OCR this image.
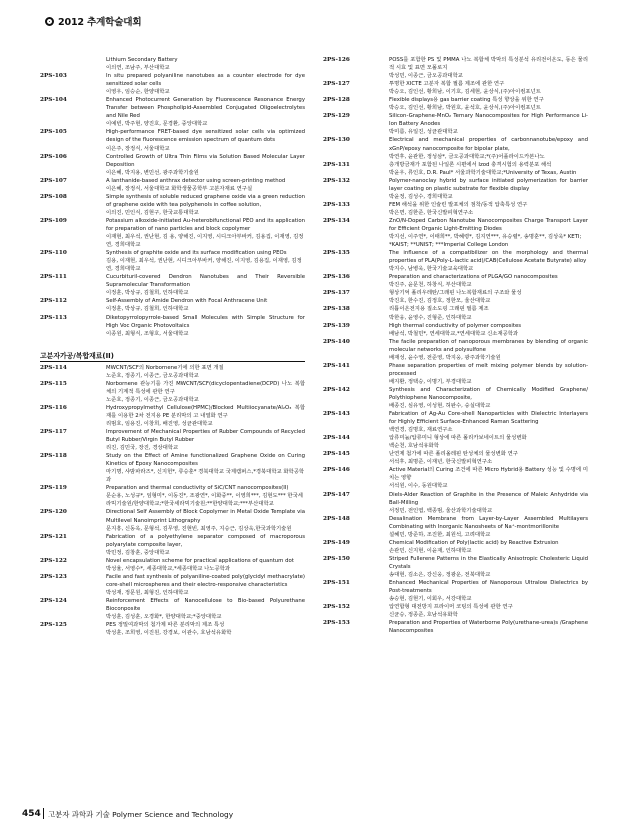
2012 추계학술대회
Lithium Secondary Battery
이의연, 조남주, 부산대학교
2PS-103	In situ prepared polyaniline nanotubes as a counter electrode for dye sensitized solar cells
이영우, 임승순, 한양대학교
2PS-104	Enhanced Photocurrent Generation by Fluorescence Resonance Energy Transfer between Phospholipid-Assembled Conjugated Oligoelectrolytes and Nile Red
이예빈, 박주현, 양진호, 문경환, 중앙대학교
2PS-105	High-performance FRET-based dye sensitized solar cells via optimized design of the fluorescence emission spectrum of quantum dots
이은주, 장정식, 서울대학교
2PS-106	Controlled Growth of Ultra Thin Films via Solution Based Molecular Layer Deposition
이은혜, 박지용, 변민선, 광주과학기술원
2PS-107	A lanthanide-based anthrax detector using screen-printing method
이은혜, 장정식, 서울대학교 화학생물공학부 고분자재료 연구실
2PS-108	Simple synthesis of soluble reduced graphene oxide via a green reduction of graphene oxide with tea polyphenols in coffee solution,
이의진, 민인식, 김현구, 한국교통대학교
2PS-109	Potassium alkoxide-initiated Au-heterobifunctional PEO and its application for preparation of nano particles and block copolymer
이재현, 최우석, 권난현, 김 용, 양해진, 이지영, 시디크아부바커, 김용집, 이재영, 김정연, 경희대학교
2PS-110	Synthesis of graphite oxide and its surface modification using PEOs
김용, 이재현, 최우석, 권난현, 시디크아부바커, 양해진, 이지영, 김용집, 이재영, 김정연, 경희대학교
2PS-111	Cucurbituril-covered Dendron Nanotubes and Their Reversible Supramolecular Transformation
이정훈, 박상규, 김철희, 인하대학교
2PS-112	Self-Assembly of Amide Dendron with Focal Anthracene Unit
이정훈, 박상규, 김철희, 인하대학교
2PS-113	Diketopyrrolopyrrole-based Small Molecules with Simple Structure for High Voc Organic Photovoltaics
이종원, 최형식, 조형호, 서울대학교
고분자가공/복합재료(II)
2PS-114	MWCNT/SCF의 Norbornene기에 의한 표면 개질
노준호, 정종기, 이종근, 금오공과대학교
2PS-115	Norbornene 관능기를 가진 MWCNT/SCF(dicyclopentadiene(DCPD) 나노 복합체의 기계적 특성에 관한 연구
노준호, 정종기, 이종근, 금오공과대학교
2PS-116	Hydroxypropylmethyl Cellulose(HPMC)/Blocked Multiiocyanate/Al₂O₃ 복합재를 이용한 2차 전지용 PE 분리막의 고 내열화 연구
리범호, 임용진, 이창희, 배진영, 성균관대학교
2PS-117	Improvement of Mechanical Properties of Rubber Compounds of Recycled Butyl Rubber/Virgin Butyl Rubber
리진, 김민국, 장진, 경상대학교
2PS-118	Study on the Effect of Amine functionalized Graphene Oxide on Curing Kinetics of Epoxy Nanocomposites
마기명, 샤밤파라즈*, 신지헌*, 류승훈* 경북대학교 국제캠퍼스,*경북대학교 화학공학과
2PS-119	Preparation and thermal conductivity of SiC/CNT nanocomposites(II)
문순용, 노성규*, 임형미*, 이동진*, 조광연*, 이화중**, 이영희***, 김현도*** 한국세라믹기술원/한양대학교;*한국세라믹기술원;**한양대학교;***부산대학교
2PS-120	Directional Self Assembly of Block Copolymer in Metal Oxide Template via Multilevel Nanoimprint Lithography
문지흥, 신동옥, 문형석, 김무영, 진현빈, 최영주, 지승근, 김상욱,한국과학기술원
2PS-121	Fabrication of a polyethylene separator composed of macroporous polyarylate composite layer,
박민정, 김창훈, 중앙대학교
2PS-122	Novel encapsulation scheme for practical applications of quantum dot
박성율, 서영수*, 세종대학교,*세종대학교 나노공학과
2PS-123	Facile and fast synthesis of polyaniline-coated poly(glycidyl methacrylate) core-shell microspheres and their electro-responsive characteristics
박성재, 정문원, 최형진, 인하대학교
2PS-124	Reinforcement Effects of Nanocellulose to Bio-based Polyurethane Bioconposite
박성훈, 김성훈, 오경화*, 한양대학교;*중앙대학교
2PS-125	PES 정밀여과막의 첨가제 따른 분리막의 제조 특성
박성훈, 조희영, 이진원, 강경보, 이관수, 호남석유화학
2PS-126	POSS를 포함한 PS 및 PMMA 나노 복합체 박막의 특성분석 유리전이온도, 동은 물리적 시효 및 표면 모폴로지
박성민, 이종근, 금오공과대학교
2PS-127	투명한 XICTE 고분자 복합 필름 제조에 관한 연구
박승오, 김인선, 황희남, 이기호, 김세현, 윤상식,(주)아이컴포넌트
2PS-128	Flexible displays용 gas barrier coating 특성 향상을 위한 연구
박승오, 김인선, 황희남, 박원호, 윤석호, 윤상식,(주)아이컴포넌트
2PS-129	Silicon-Graphene-MnO₂ Ternary Nanocomposites for High Performance Li-Ion Battery Anodes
박미름, 유일진, 성균관대학교
2PS-130	Electrical and mechanical properties of carbonnanotube/epoxy and xGnP/epoxy nanocomposite for bipolar plate,
박연후, 윤관한, 정성삼*, 금오공과대학교;*(주)어플라이드카본나노
2PS-131	층개방금재가 포함된 나일론 시편에서 Izod 충격시험의 용력분포 해석
박윤우, 류인호, D.R. Paul* 서울과학기술대학교;*University of Texas, Austin
2PS-132	Polymer-nanoclay hybrid by surface initiated polymerization for barrier layer coating on plastic substrate for flexible display
박윤정, 김성수, 경희대학교
2PS-133	FEM 해석을 위한 인슐린 발포체의 점착/동적 압축특성 연구
박은면, 김한준, 한국신발피혁연구소
2PS-134	ZnO/N-Doped Carbon Nanotube Nanocomposites Charge Transport Layer for Efficient Organic Light-Emitting Diodes
박지선, 이주연*, 이태희**, 박혜령*, 김지연***, 유승렬*, 송명훈**, 김상욱* KETI; *KAIST; **UNIST; ***Imperial College London
2PS-135	The influence of a compatibilizer on the morphology and thermal properties of PLA(Poly-L-lactic acid)/CAB(Cellulose Acetate Butyrate) alloy
박지수, 남병욱, 한국기술교육대학교
2PS-136	Preparation and characterizations of PLGA/GO nanocomposites
박진주, 윤문천, 하창식, 부산대학교
2PS-137	형상기억 폴리우레탄/그래핀 나노복합재료의 구조와 물성
박진호, 한수진, 김정호, 정한모, 울산대학교
2PS-138	리튬이온전지용 질소도핑 그래핀 필름 제조
박한웅, 윤영수, 진형준, 인하대학교
2PS-139	High thermal conductivity of polymer composites
배남석, 박철민*, 연세대학교,*연세대학교 신소재공학과
2PS-140	The facile preparation of nanoporous membranes by blending of organic molecular networks and polysulfone
배재성, 윤수영, 전준영, 박지웅, 광주과학기술원
2PS-141	Phase separation properties of melt mixing polymer blends by solution-processed
배지환, 정택승, 이명기, 부경대학교
2PS-142	Synthesis and Characterization of Chemically Modified Graphene/ Polythiophene Nanocomposite,
배종진, 심유영, 이성현, 허완수, 숭실대학교
2PS-143	Fabrication of Ag-Au Core-shell Nanoparticles with Dielectric Interlayers for Highly Efficient Surface-Enhanced Raman Scattering
백연경, 김명호, 재료연구소
2PS-144	압류미늄/압류미니 형상에 따른 폴리카보네이트의 물성변화
백순천, 호남석유화학
2PS-145	난연제 첨가에 따른 폴리올레핀 탄성체의 물성변화 연구
서석후, 최명준, 이재년, 한국신발피혁연구소
2PS-146	Active Material의 Curing 조건에 따른 Micro Hybrid용 Battery 성능 및 수명에 미치는 영향
서석원, 이수, 동원대학교
2PS-147	Diels-Alder Reaction of Graphite in the Presence of Maleic Anhydride via Ball-Milling
서정민, 전인엽, 백종범, 울산과학기술대학교
2PS-148	Desalination Membrane from Layer-by-Layer Assembled Multilayers Combinating with Inorganic Nanosheets of Na⁺-montmorillonite
설혜민, 방준하, 조진한, 최원석, 고려대학교
2PS-149	Chemical Modification of Poly(lactic acid) by Reactive Extrusion
손관민, 신지현, 이윤재, 인하대학교
2PS-150	Striped Fullerene Patterns in the Elastically Anisotropic Cholesteric Liquid Crystals
송대현, 김소은, 강신웅, 정광운, 전북대학교
2PS-151	Enhanced Mechanical Properties of Nanoporous Ultralow Dielectrics by Post-treatments
송승현, 김현기, 이회우, 서강대학교
2PS-152	압연합형 대전방지 프라이머 코팅의 특성에 관한 연구
신균승, 정종준, 호남석유화학
2PS-153	Preparation and Properties of Waterborne Poly(urethane-urea)s /Graphene Nanocomposites
454 고분자 과학과 기술 Polymer Science and Technology
